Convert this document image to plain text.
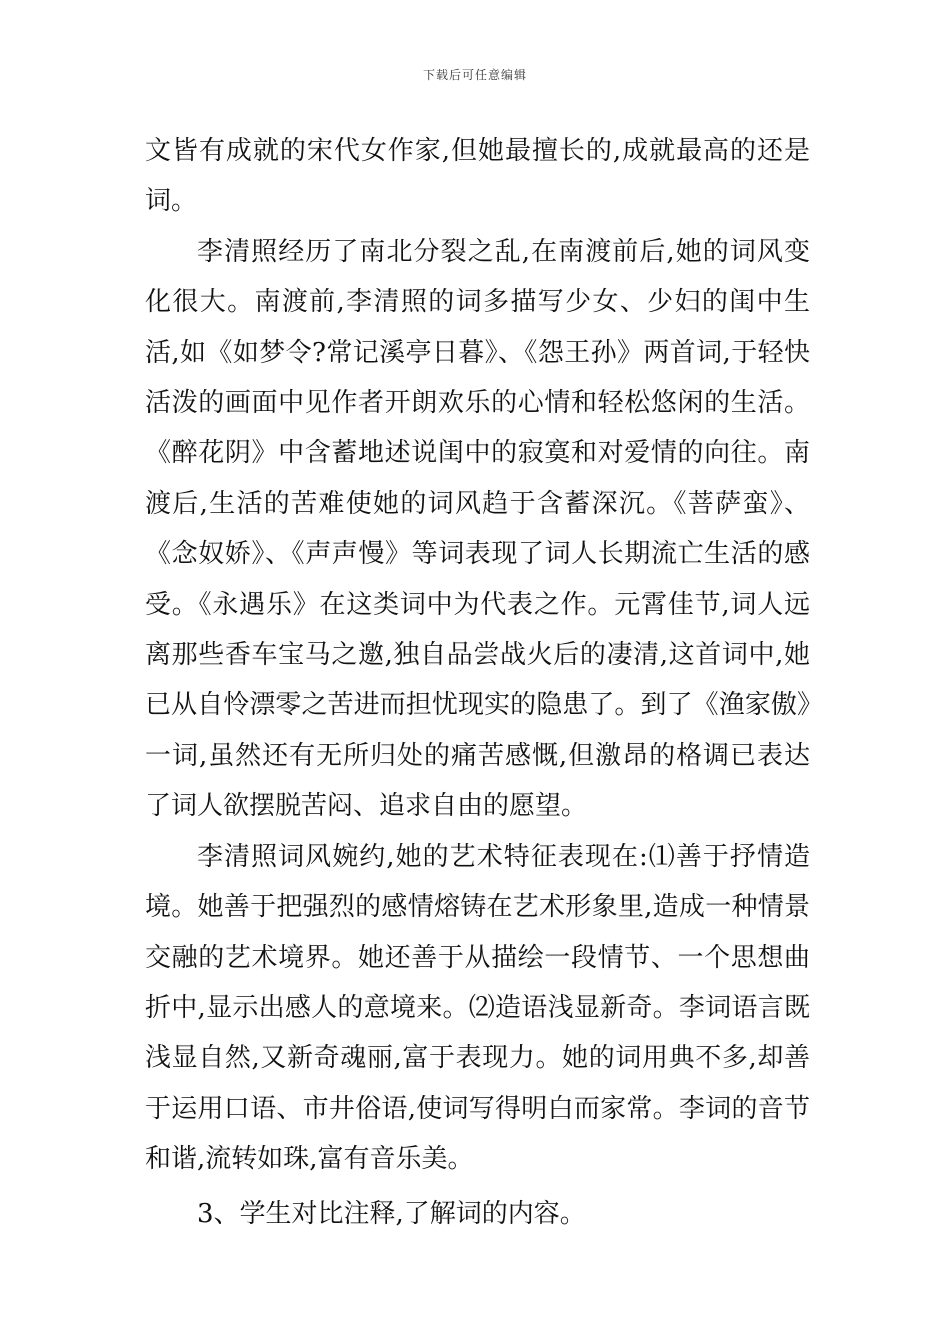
下载后可任意编辑

文皆有成就的宋代女作家,但她最擅长的,成就最高的还是词。

李清照经历了南北分裂之乱,在南渡前后,她的词风变化很大。南渡前,李清照的词多描写少女、少妇的闺中生活,如《如梦令?常记溪亭日暮》、《怨王孙》两首词,于轻快活泼的画面中见作者开朗欢乐的心情和轻松悠闲的生活。《醉花阴》中含蓄地述说闺中的寂寞和对爱情的向往。南渡后,生活的苦难使她的词风趋于含蓄深沉。《菩萨蛮》、《念奴娇》、《声声慢》等词表现了词人长期流亡生活的感受。《永遇乐》在这类词中为代表之作。元霄佳节,词人远离那些香车宝马之邀,独自品尝战火后的凄清,这首词中,她已从自怜漂零之苦进而担忧现实的隐患了。到了《渔家傲》一词,虽然还有无所归处的痛苦感慨,但激昂的格调已表达了词人欲摆脱苦闷、追求自由的愿望。

李清照词风婉约,她的艺术特征表现在:⑴善于抒情造境。她善于把强烈的感情熔铸在艺术形象里,造成一种情景交融的艺术境界。她还善于从描绘一段情节、一个思想曲折中,显示出感人的意境来。⑵造语浅显新奇。李词语言既浅显自然,又新奇魂丽,富于表现力。她的词用典不多,却善于运用口语、市井俗语,使词写得明白而家常。李词的音节和谐,流转如珠,富有音乐美。

3、学生对比注释,了解词的内容。
